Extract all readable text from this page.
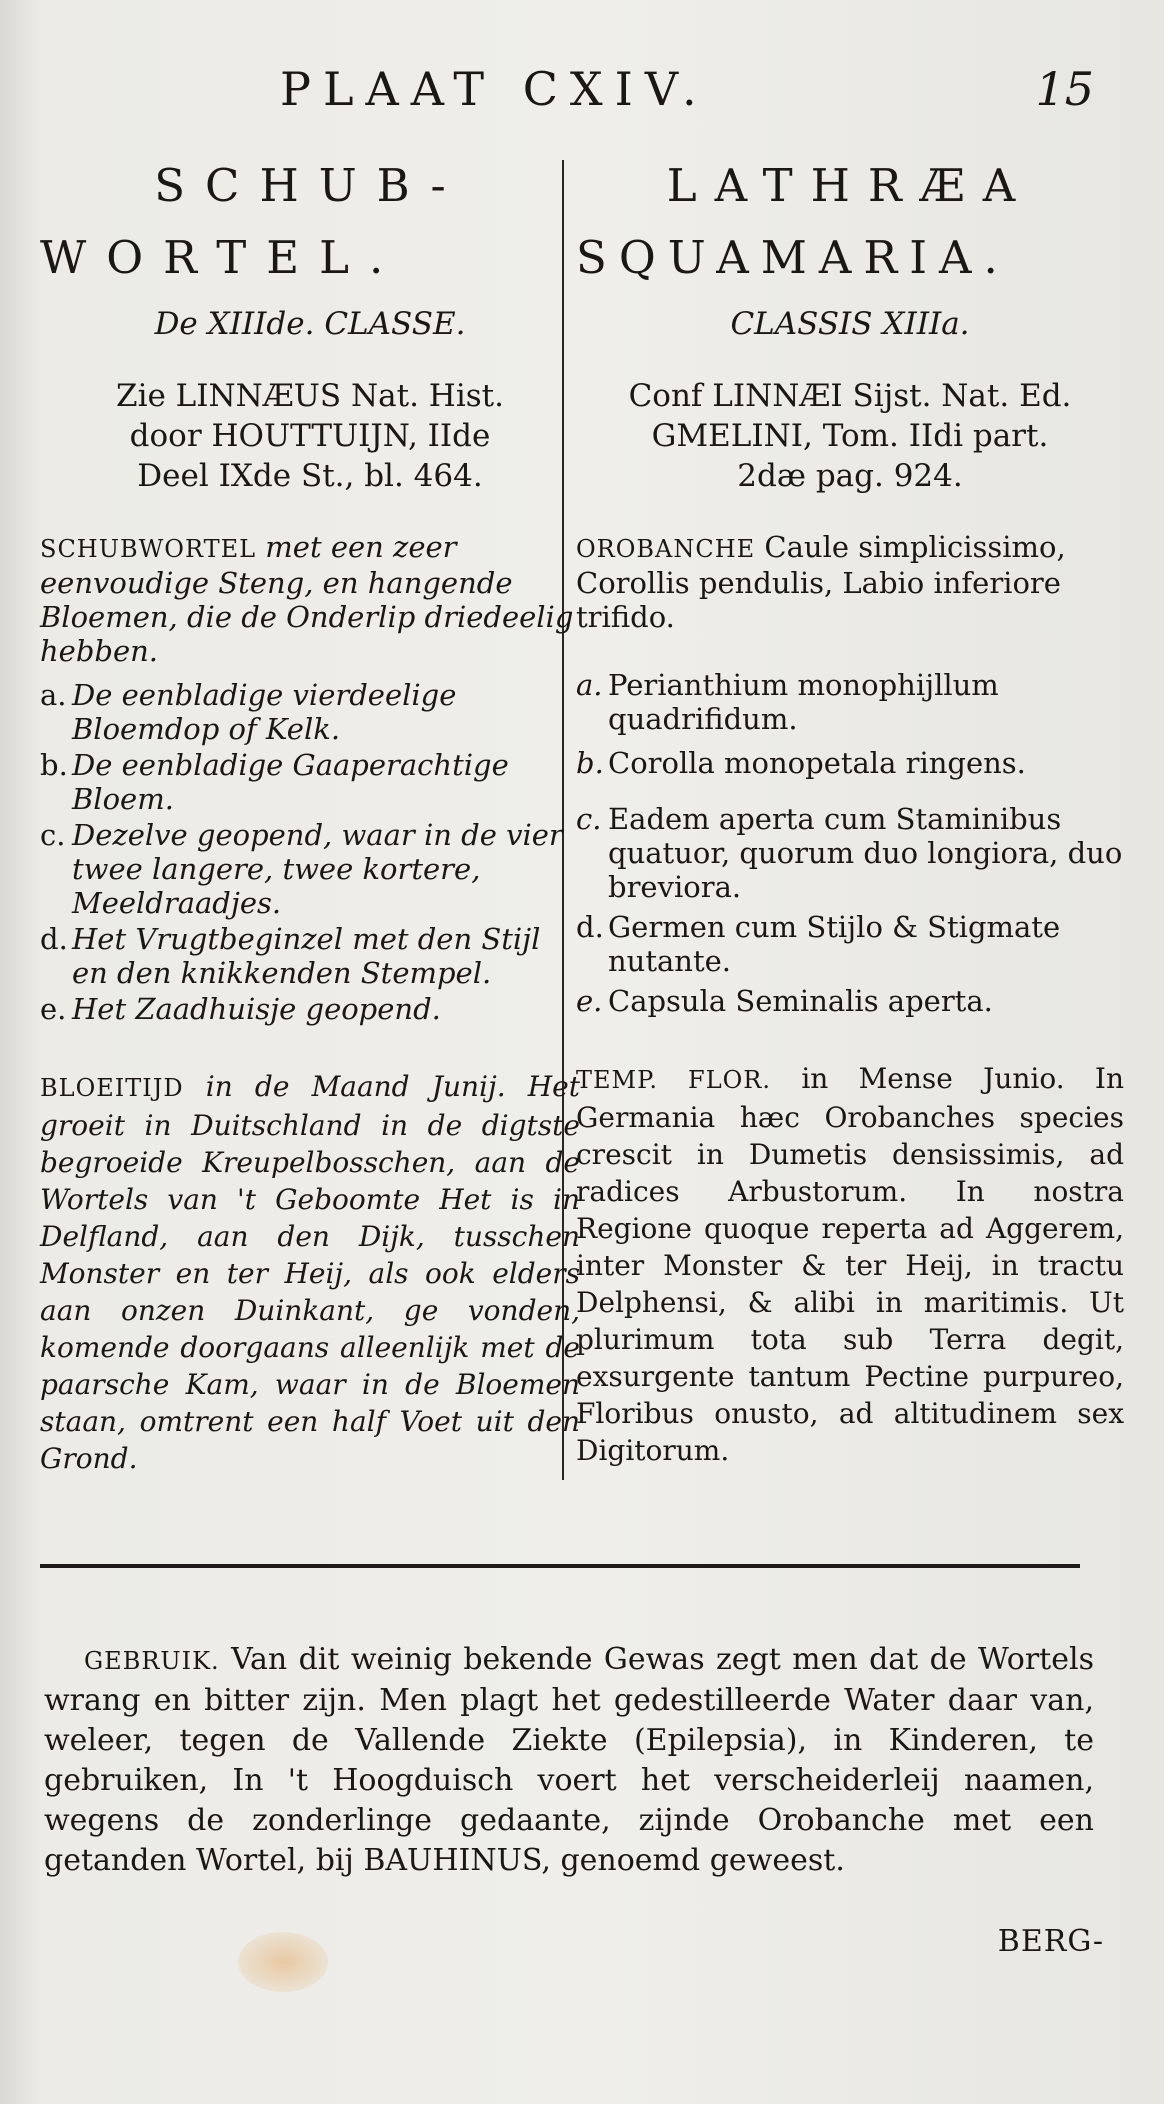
PLAAT CXIV.	15
SCHUB-
WORTEL.
De XIIIde. CLASSE.
Zie LINNÆUS Nat. Hist.
door HOUTTUIJN, IIde
Deel IXde St., bl. 464.
SCHUBWORTEL met een zeer eenvoudige Steng, en hangende Bloemen, die de Onderlip driedeelig hebben.
a. De eenbladige vierdeelige Bloemdop of Kelk.
b. De eenbladige Gaaperachtige Bloem.
c. Dezelve geopend, waar in de vier twee langere, twee kortere, Meeldraadjes.
d. Het Vrugtbeginzel met den Stijl en den knikkenden Stempel.
e. Het Zaadhuisje geopend.
BLOEITIJD in de Maand Junij. Het groeit in Duitschland in de digtste begroeide Kreupelbosschen, aan de Wortels van 't Geboomte Het is in Delfland, aan den Dijk, tusschen Monster en ter Heij, als ook elders aan onzen Duinkant, ge vonden, komende doorgaans alleenlijk met de paarsche Kam, waar in de Bloemen staan, omtrent een half Voet uit den Grond.
LATHRÆA
SQUAMARIA.
CLASSIS XIIIa.
Conf LINNÆI Sijst. Nat. Ed.
GMELINI, Tom. IIdi part.
2dæ pag. 924.
OROBANCHE Caule simplicissimo, Corollis pendulis, Labio inferiore trifido.
a. Perianthium monophijllum quadrifidum.
b. Corolla monopetala ringens.
c. Eadem aperta cum Staminibus quatuor, quorum duo longiora, duo breviora.
d. Germen cum Stijlo & Stigmate nutante.
e. Capsula Seminalis aperta.
TEMP. FLOR. in Mense Junio. In Germania hæc Orobanches species crescit in Dumetis densissimis, ad radices Arbustorum. In nostra Regione quoque reperta ad Aggerem, inter Monster & ter Heij, in tractu Delphensi, & alibi in maritimis. Ut plurimum tota sub Terra degit, exsurgente tantum Pectine purpureo, Floribus onusto, ad altitudinem sex Digitorum.
GEBRUIK. Van dit weinig bekende Gewas zegt men dat de Wortels wrang en bitter zijn. Men plagt het gedestilleerde Water daar van, weleer, tegen de Vallende Ziekte (Epilepsia), in Kinderen, te gebruiken, In 't Hoogduisch voert het verscheiderleij naamen, wegens de zonderlinge gedaante, zijnde Orobanche met een getanden Wortel, bij BAUHINUS, genoemd geweest.
BERG-
